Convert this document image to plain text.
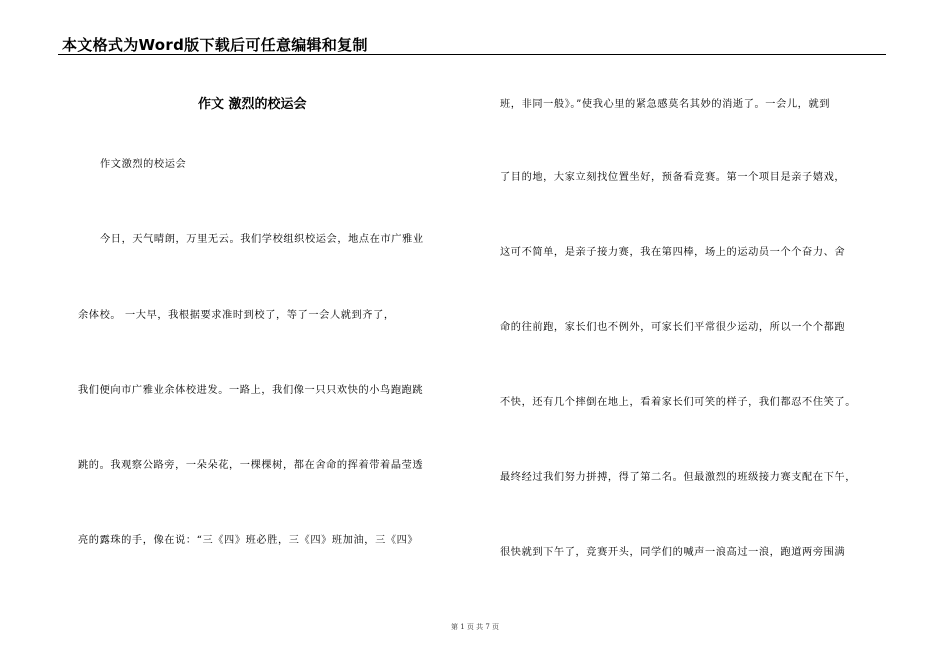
本文格式为Word版下载后可任意编辑和复制
作文 激烈的校运会
作文激烈的校运会
今日，天气晴朗，万里无云。我们学校组织校运会，地点在市广雅业
余体校。 一大早，我根据要求准时到校了，等了一会人就到齐了，
我们便向市广雅业余体校进发。一路上，我们像一只只欢快的小鸟跑跑跳
跳的。我观察公路旁，一朵朵花，一棵棵树，都在舍命的挥着带着晶莹透
亮的露珠的手，像在说：“三《四》班必胜，三《四》班加油，三《四》
班，非同一般》。”使我心里的紧急感莫名其妙的消逝了。一会儿，就到
了目的地，大家立刻找位置坐好，预备看竞赛。第一个项目是亲子嬉戏，
这可不简单，是亲子接力赛，我在第四棒，场上的运动员一个个奋力、舍
命的往前跑，家长们也不例外，可家长们平常很少运动，所以一个个都跑
不快，还有几个摔倒在地上，看着家长们可笑的样子，我们都忍不住笑了。
最终经过我们努力拼搏，得了第二名。但最激烈的班级接力赛支配在下午，
很快就到下午了，竞赛开头，同学们的喊声一浪高过一浪，跑道两旁围满
第 1 页 共 7 页
